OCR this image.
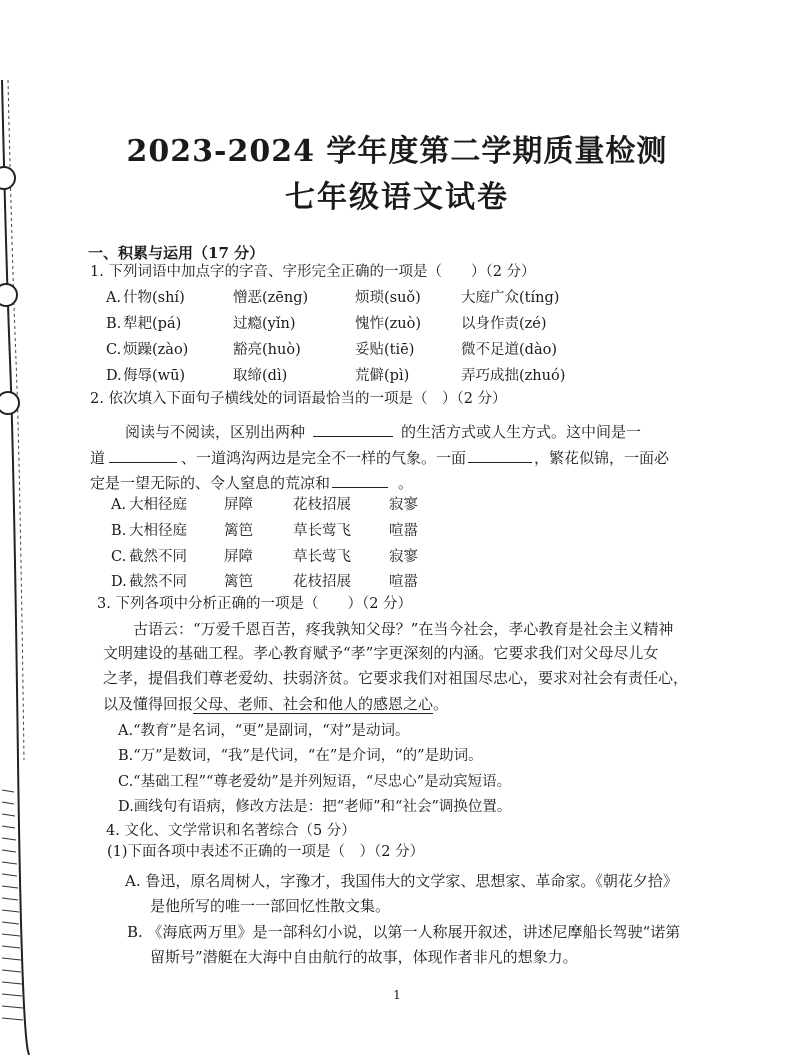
2023-2024 学年度第二学期质量检测
七年级语文试卷
一、积累与运用（17 分）
1. 下列词语中加点字的字音、字形完全正确的一项是（　　）（2 分）
A. 什物(shí)	憎恶(zēng)	烦琐(suǒ)	大庭广众(tíng)
B. 犁耙(pá)	过瘾(yǐn)	愧怍(zuò)	以身作责(zé)
C. 烦躁(zào)	豁亮(huò)	妥贴(tiē)	微不足道(dào)
D. 侮辱(wū)	取缔(dì)	荒僻(pì)	弄巧成拙(zhuó)
2. 依次填入下面句子横线处的词语最恰当的一项是（　）（2 分）
阅读与不阅读，区别出两种	的生活方式或人生方式。这中间是一
道	、一道鸿沟两边是完全不一样的气象。一面	，繁花似锦，一面必
定是一望无际的、令人窒息的荒凉和	。
A. 大相径庭	屏障	花枝招展	寂寥
B. 大相径庭	篱笆	草长莺飞	喧嚣
C. 截然不同	屏障	草长莺飞	寂寥
D. 截然不同	篱笆	花枝招展	喧嚣
3. 下列各项中分析正确的一项是（　　）（2 分）
古语云：“万爱千恩百苦，疼我孰知父母？”在当今社会，孝心教育是社会主义精神
文明建设的基础工程。孝心教育赋予“孝”字更深刻的内涵。它要求我们对父母尽儿女
之孝，提倡我们尊老爱幼、扶弱济贫。它要求我们对祖国尽忠心，要求对社会有责任心，
以及懂得回报父母、老师、社会和他人的感恩之心。
A.“教育”是名词，“更”是副词，“对”是动词。
B.“万”是数词，“我”是代词，“在”是介词，“的”是助词。
C.“基础工程”“尊老爱幼”是并列短语，“尽忠心”是动宾短语。
D.画线句有语病，修改方法是：把“老师”和“社会”调换位置。
4. 文化、文学常识和名著综合（5 分）
(1)下面各项中表述不正确的一项是（　）（2 分）
A. 鲁迅，原名周树人，字豫才，我国伟大的文学家、思想家、革命家。《朝花夕拾》
是他所写的唯一一部回忆性散文集。
B. 《海底两万里》是一部科幻小说，以第一人称展开叙述，讲述尼摩船长驾驶“诺第
留斯号”潜艇在大海中自由航行的故事，体现作者非凡的想象力。
1
